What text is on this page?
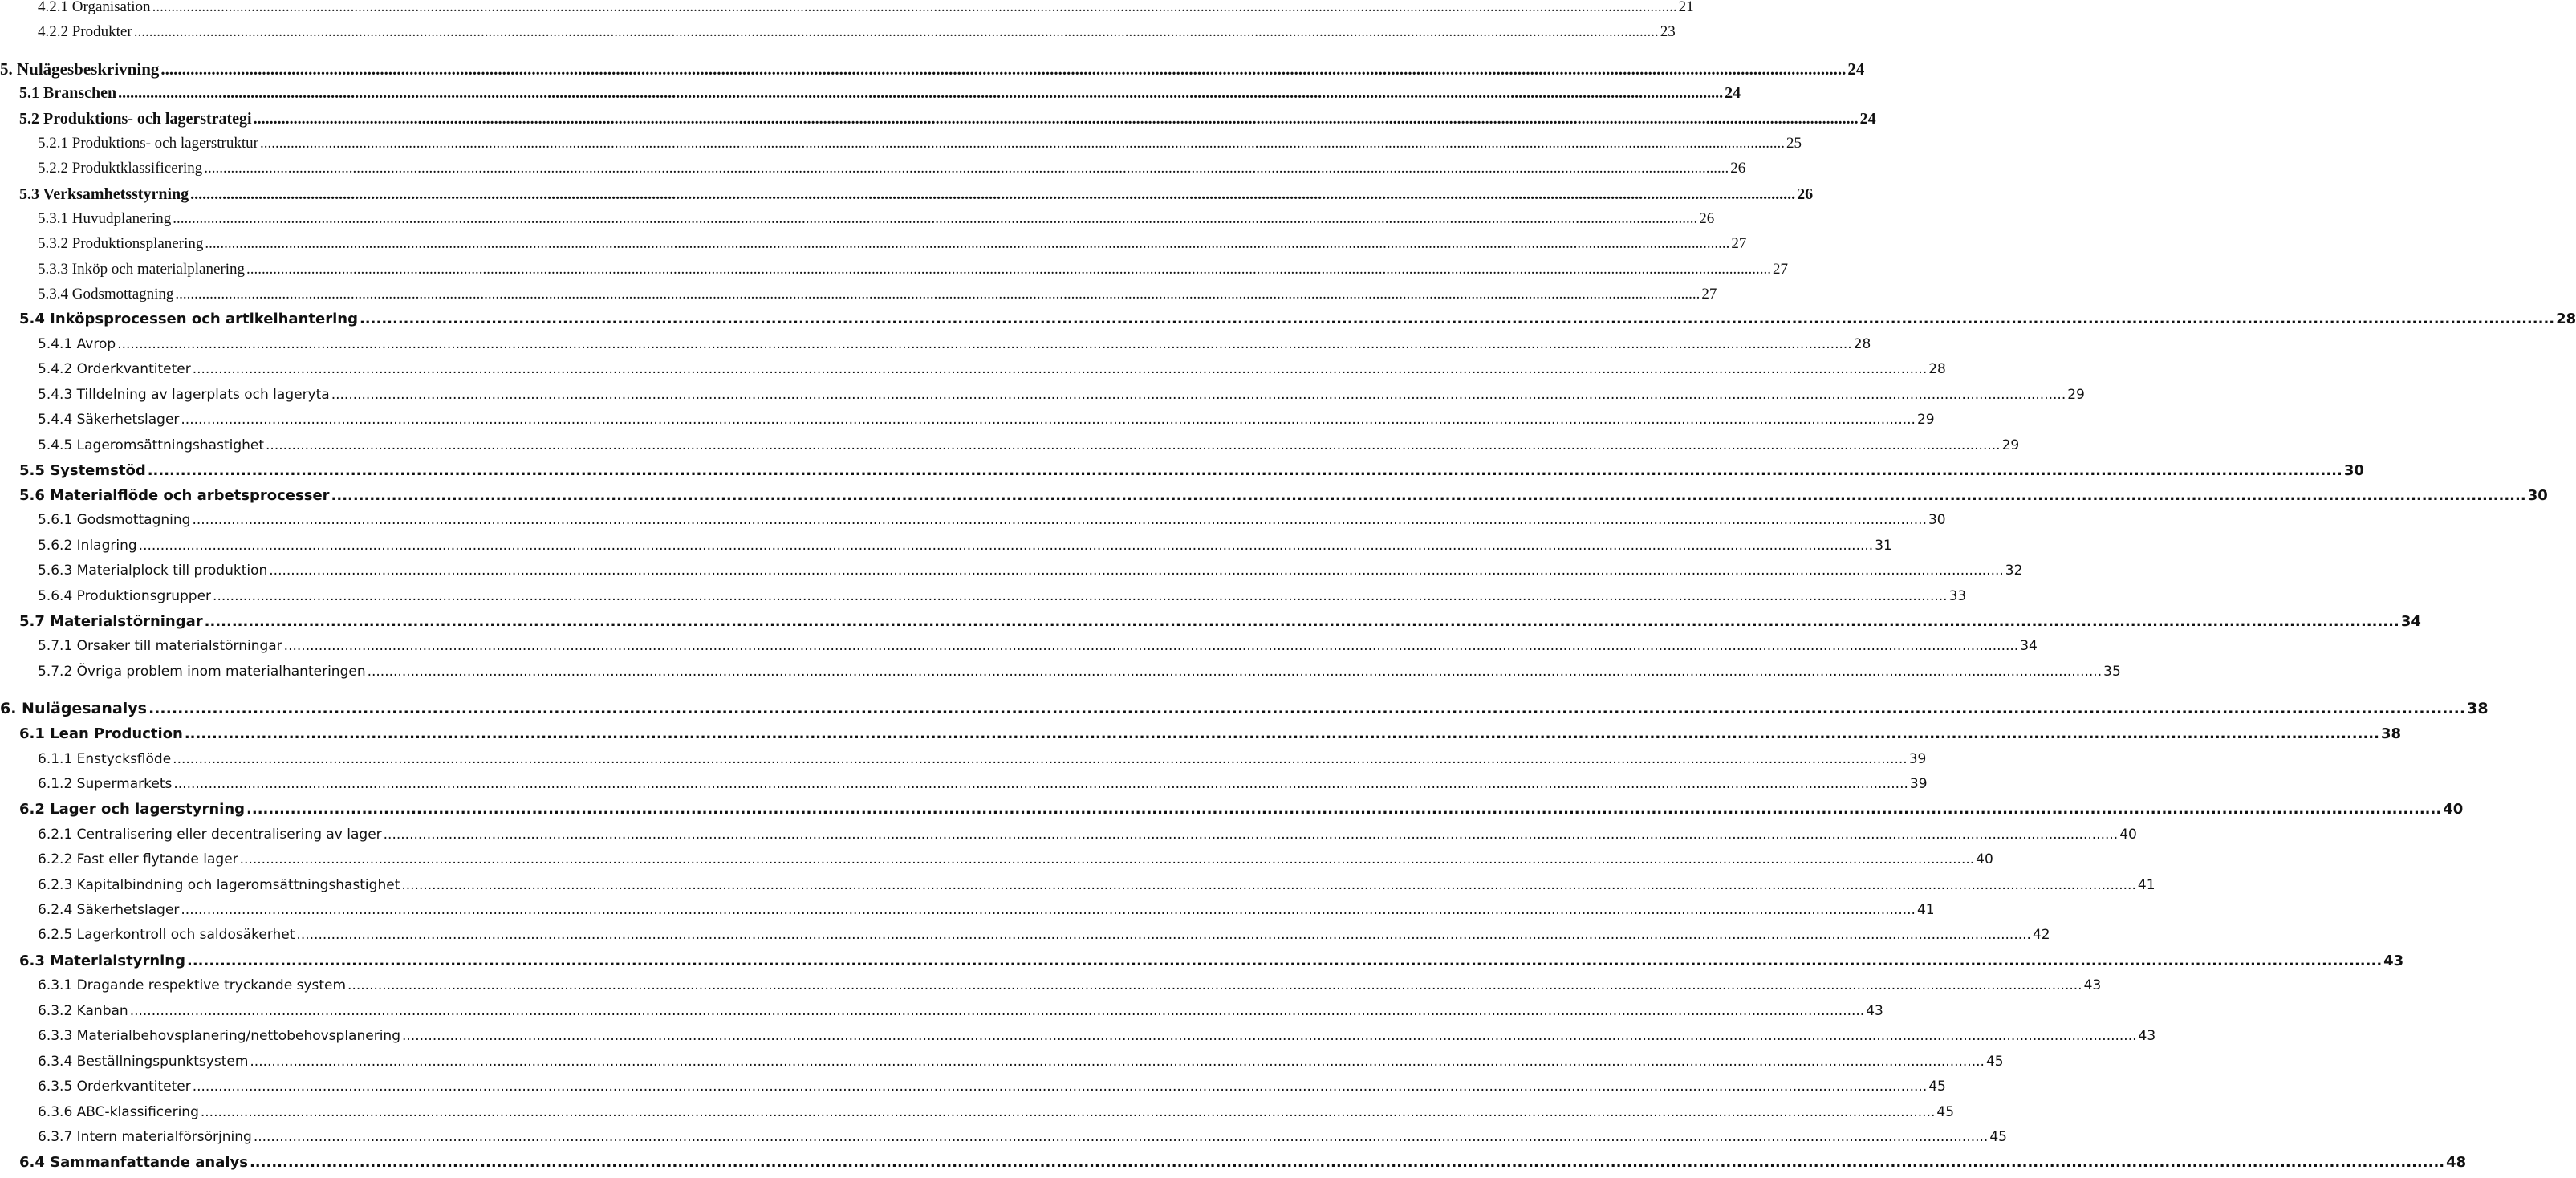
4.2.1 Organisation ................................................................................................................................................................................................................................................................................................................................................................................................................ 21
4.2.2 Produkter ................................................................................................................................................................................................................................................................................................................................................................................................................ 23
5. Nulägesbeskrivning ................................................................................................................................................................................................................................................................................................................................................................................................................ 24
5.1 Branschen ................................................................................................................................................................................................................................................................................................................................................................................................................ 24
5.2 Produktions- och lagerstrategi ................................................................................................................................................................................................................................................................................................................................................................................................................ 24
5.2.1 Produktions- och lagerstruktur ................................................................................................................................................................................................................................................................................................................................................................................................................ 25
5.2.2 Produktklassificering ................................................................................................................................................................................................................................................................................................................................................................................................................ 26
5.3 Verksamhetsstyrning ................................................................................................................................................................................................................................................................................................................................................................................................................ 26
5.3.1 Huvudplanering ................................................................................................................................................................................................................................................................................................................................................................................................................ 26
5.3.2 Produktionsplanering ................................................................................................................................................................................................................................................................................................................................................................................................................ 27
5.3.3 Inköp och materialplanering ................................................................................................................................................................................................................................................................................................................................................................................................................ 27
5.3.4 Godsmottagning ................................................................................................................................................................................................................................................................................................................................................................................................................ 27
5.4 Inköpsprocessen och artikelhantering ................................................................................................................................................................................................................................................................................................................................................................................................................ 28
5.4.1 Avrop ................................................................................................................................................................................................................................................................................................................................................................................................................ 28
5.4.2 Orderkvantiteter ................................................................................................................................................................................................................................................................................................................................................................................................................ 28
5.4.3 Tilldelning av lagerplats och lageryta ................................................................................................................................................................................................................................................................................................................................................................................................................ 29
5.4.4 Säkerhetslager ................................................................................................................................................................................................................................................................................................................................................................................................................ 29
5.4.5 Lageromsättningshastighet ................................................................................................................................................................................................................................................................................................................................................................................................................ 29
5.5 Systemstöd ................................................................................................................................................................................................................................................................................................................................................................................................................ 30
5.6 Materialflöde och arbetsprocesser ................................................................................................................................................................................................................................................................................................................................................................................................................ 30
5.6.1 Godsmottagning ................................................................................................................................................................................................................................................................................................................................................................................................................ 30
5.6.2 Inlagring ................................................................................................................................................................................................................................................................................................................................................................................................................ 31
5.6.3 Materialplock till produktion ................................................................................................................................................................................................................................................................................................................................................................................................................ 32
5.6.4 Produktionsgrupper ................................................................................................................................................................................................................................................................................................................................................................................................................ 33
5.7 Materialstörningar ................................................................................................................................................................................................................................................................................................................................................................................................................ 34
5.7.1 Orsaker till materialstörningar ................................................................................................................................................................................................................................................................................................................................................................................................................ 34
5.7.2 Övriga problem inom materialhanteringen ................................................................................................................................................................................................................................................................................................................................................................................................................ 35
6. Nulägesanalys ................................................................................................................................................................................................................................................................................................................................................................................................................ 38
6.1 Lean Production ................................................................................................................................................................................................................................................................................................................................................................................................................ 38
6.1.1 Enstycksflöde ................................................................................................................................................................................................................................................................................................................................................................................................................ 39
6.1.2 Supermarkets ................................................................................................................................................................................................................................................................................................................................................................................................................ 39
6.2 Lager och lagerstyrning ................................................................................................................................................................................................................................................................................................................................................................................................................ 40
6.2.1 Centralisering eller decentralisering av lager ................................................................................................................................................................................................................................................................................................................................................................................................................ 40
6.2.2 Fast eller flytande lager ................................................................................................................................................................................................................................................................................................................................................................................................................ 40
6.2.3 Kapitalbindning och lageromsättningshastighet ................................................................................................................................................................................................................................................................................................................................................................................................................ 41
6.2.4 Säkerhetslager ................................................................................................................................................................................................................................................................................................................................................................................................................ 41
6.2.5 Lagerkontroll och saldosäkerhet ................................................................................................................................................................................................................................................................................................................................................................................................................ 42
6.3 Materialstyrning ................................................................................................................................................................................................................................................................................................................................................................................................................ 43
6.3.1 Dragande respektive tryckande system ................................................................................................................................................................................................................................................................................................................................................................................................................ 43
6.3.2 Kanban ................................................................................................................................................................................................................................................................................................................................................................................................................ 43
6.3.3 Materialbehovsplanering/nettobehovsplanering ................................................................................................................................................................................................................................................................................................................................................................................................................ 43
6.3.4 Beställningspunktsystem ................................................................................................................................................................................................................................................................................................................................................................................................................ 45
6.3.5 Orderkvantiteter ................................................................................................................................................................................................................................................................................................................................................................................................................ 45
6.3.6 ABC-klassificering ................................................................................................................................................................................................................................................................................................................................................................................................................ 45
6.3.7 Intern materialförsörjning ................................................................................................................................................................................................................................................................................................................................................................................................................ 45
6.4 Sammanfattande analys ................................................................................................................................................................................................................................................................................................................................................................................................................ 48
